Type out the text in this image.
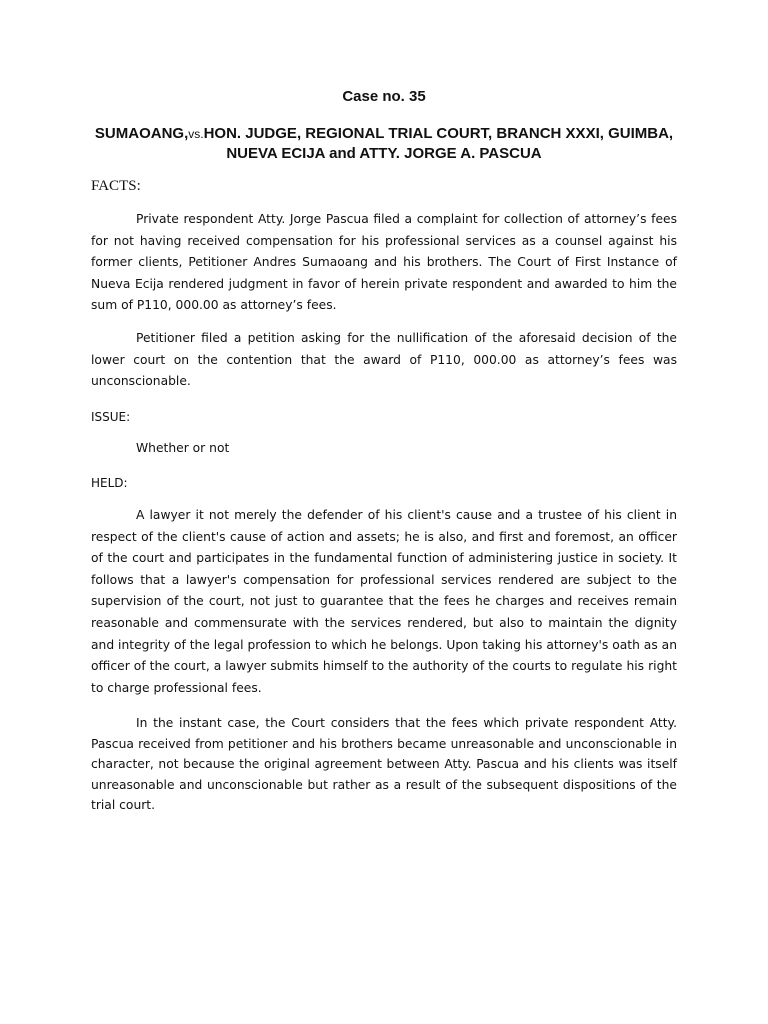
Case no. 35

SUMAOANG,vs.HON. JUDGE, REGIONAL TRIAL COURT, BRANCH XXXI, GUIMBA,
NUEVA ECIJA and ATTY. JORGE A. PASCUA

FACTS:

Private respondent Atty. Jorge Pascua filed a complaint for collection of attorney’s fees for not having received compensation for his professional services as a counsel against his former clients, Petitioner Andres Sumaoang and his brothers. The Court of First Instance of Nueva Ecija rendered judgment in favor of herein private respondent and awarded to him the sum of P110, 000.00 as attorney’s fees.

Petitioner filed a petition asking for the nullification of the aforesaid decision of the lower court on the contention that the award of P110, 000.00 as attorney’s fees was unconscionable.

ISSUE:

Whether or not

HELD:

A lawyer it not merely the defender of his client's cause and a trustee of his client in respect of the client's cause of action and assets; he is also, and first and foremost, an officer of the court and participates in the fundamental function of administering justice in society. It follows that a lawyer's compensation for professional services rendered are subject to the supervision of the court, not just to guarantee that the fees he charges and receives remain reasonable and commensurate with the services rendered, but also to maintain the dignity and integrity of the legal profession to which he belongs. Upon taking his attorney's oath as an officer of the court, a lawyer submits himself to the authority of the courts to regulate his right to charge professional fees.

In the instant case, the Court considers that the fees which private respondent Atty. Pascua received from petitioner and his brothers became unreasonable and unconscionable in character, not because the original agreement between Atty. Pascua and his clients was itself unreasonable and unconscionable but rather as a result of the subsequent dispositions of the trial court.
